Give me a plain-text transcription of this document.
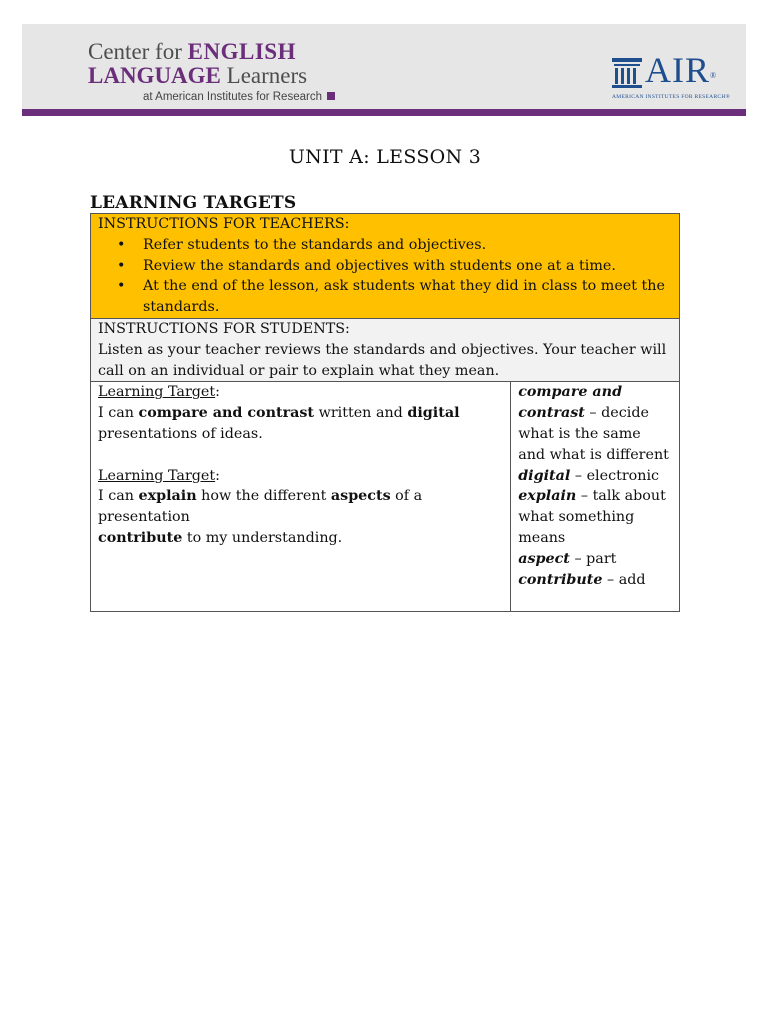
Center for ENGLISH
LANGUAGE Learners
at American Institutes for Research
AIR®
AMERICAN INSTITUTES FOR RESEARCH®
UNIT A: LESSON 3
LEARNING TARGETS
INSTRUCTIONS FOR TEACHERS:
• Refer students to the standards and objectives.
• Review the standards and objectives with students one at a time.
• At the end of the lesson, ask students what they did in class to meet the standards.

INSTRUCTIONS FOR STUDENTS:
Listen as your teacher reviews the standards and objectives. Your teacher will call on an individual or pair to explain what they mean.

Learning Target:
I can compare and contrast written and digital
presentations of ideas.
Learning Target:
I can explain how the different aspects of a presentation
contribute to my understanding.

compare and contrast – decide what is the same and what is different
digital – electronic
explain – talk about what something means
aspect – part
contribute – add
